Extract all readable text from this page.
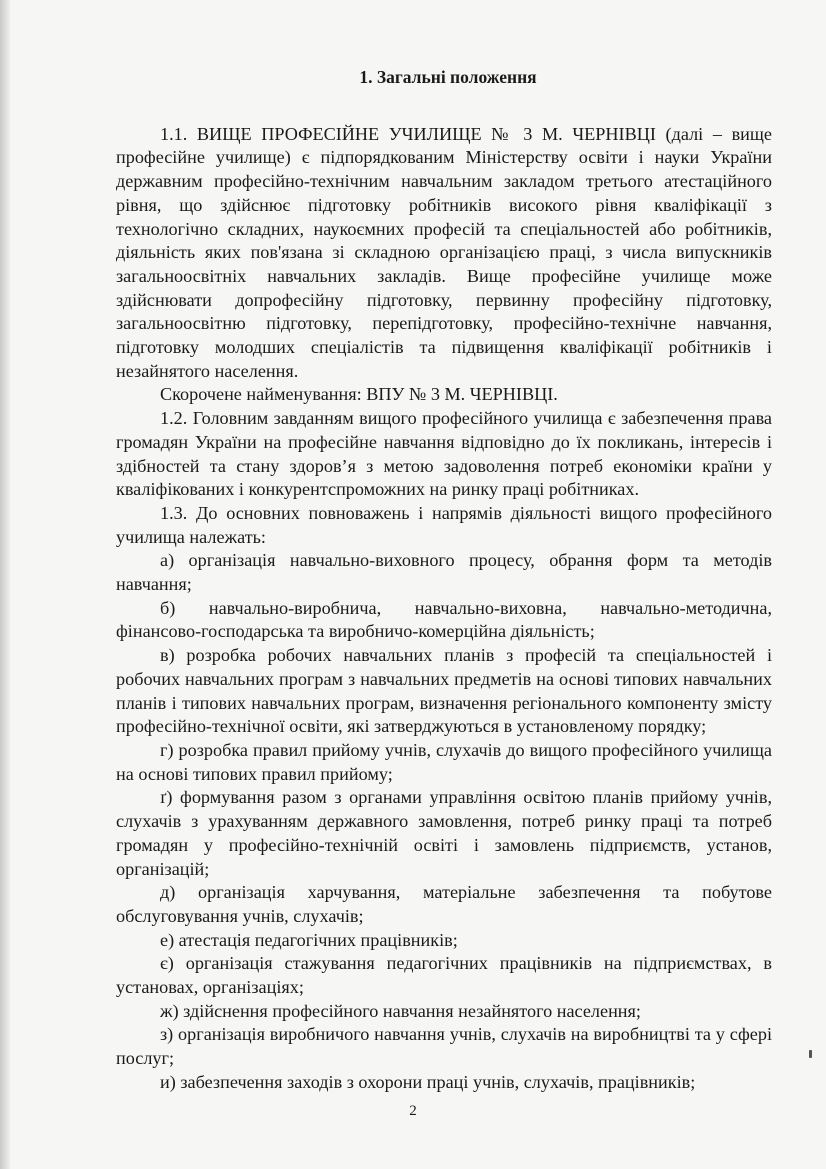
1. Загальні положення

1.1. ВИЩЕ ПРОФЕСІЙНЕ УЧИЛИЩЕ № 3 М. ЧЕРНІВЦІ (далі – вище професійне училище) є підпорядкованим Міністерству освіти і науки України державним професійно-технічним навчальним закладом третього атестаційного рівня, що здійснює підготовку робітників високого рівня кваліфікації з технологічно складних, наукоємних професій та спеціальностей або робітників, діяльність яких пов'язана зі складною організацією праці, з числа випускників загальноосвітніх навчальних закладів. Вище професійне училище може здійснювати допрофесійну підготовку, первинну професійну підготовку, загальноосвітню підготовку, перепідготовку, професійно-технічне навчання, підготовку молодших спеціалістів та підвищення кваліфікації робітників і незайнятого населення.

Скорочене найменування: ВПУ № 3 М. ЧЕРНІВЦІ.

1.2. Головним завданням вищого професійного училища є забезпечення права громадян України на професійне навчання відповідно до їх покликань, інтересів і здібностей та стану здоров’я з метою задоволення потреб економіки країни у кваліфікованих і конкурентспроможних на ринку праці робітниках.

1.3. До основних повноважень і напрямів діяльності вищого професійного училища належать:

а) організація навчально-виховного процесу, обрання форм та методів навчання;

б) навчально-виробнича, навчально-виховна, навчально-методична, фінансово-господарська та виробничо-комерційна діяльність;

в) розробка робочих навчальних планів з професій та спеціальностей і робочих навчальних програм з навчальних предметів на основі типових навчальних планів і типових навчальних програм, визначення регіонального компоненту змісту професійно-технічної освіти, які затверджуються в установленому порядку;

г) розробка правил прийому учнів, слухачів до вищого професійного училища на основі типових правил прийому;

ґ) формування разом з органами управління освітою планів прийому учнів, слухачів з урахуванням державного замовлення, потреб ринку праці та потреб громадян у професійно-технічній освіті і замовлень підприємств, установ, організацій;

д) організація харчування, матеріальне забезпечення та побутове обслуговування учнів, слухачів;

е) атестація педагогічних працівників;

є) організація стажування педагогічних працівників на підприємствах, в установах, організаціях;

ж) здійснення професійного навчання незайнятого населення;

з) організація виробничого навчання учнів, слухачів на виробництві та у сфері послуг;

и) забезпечення заходів з охорони праці учнів, слухачів, працівників;

2
